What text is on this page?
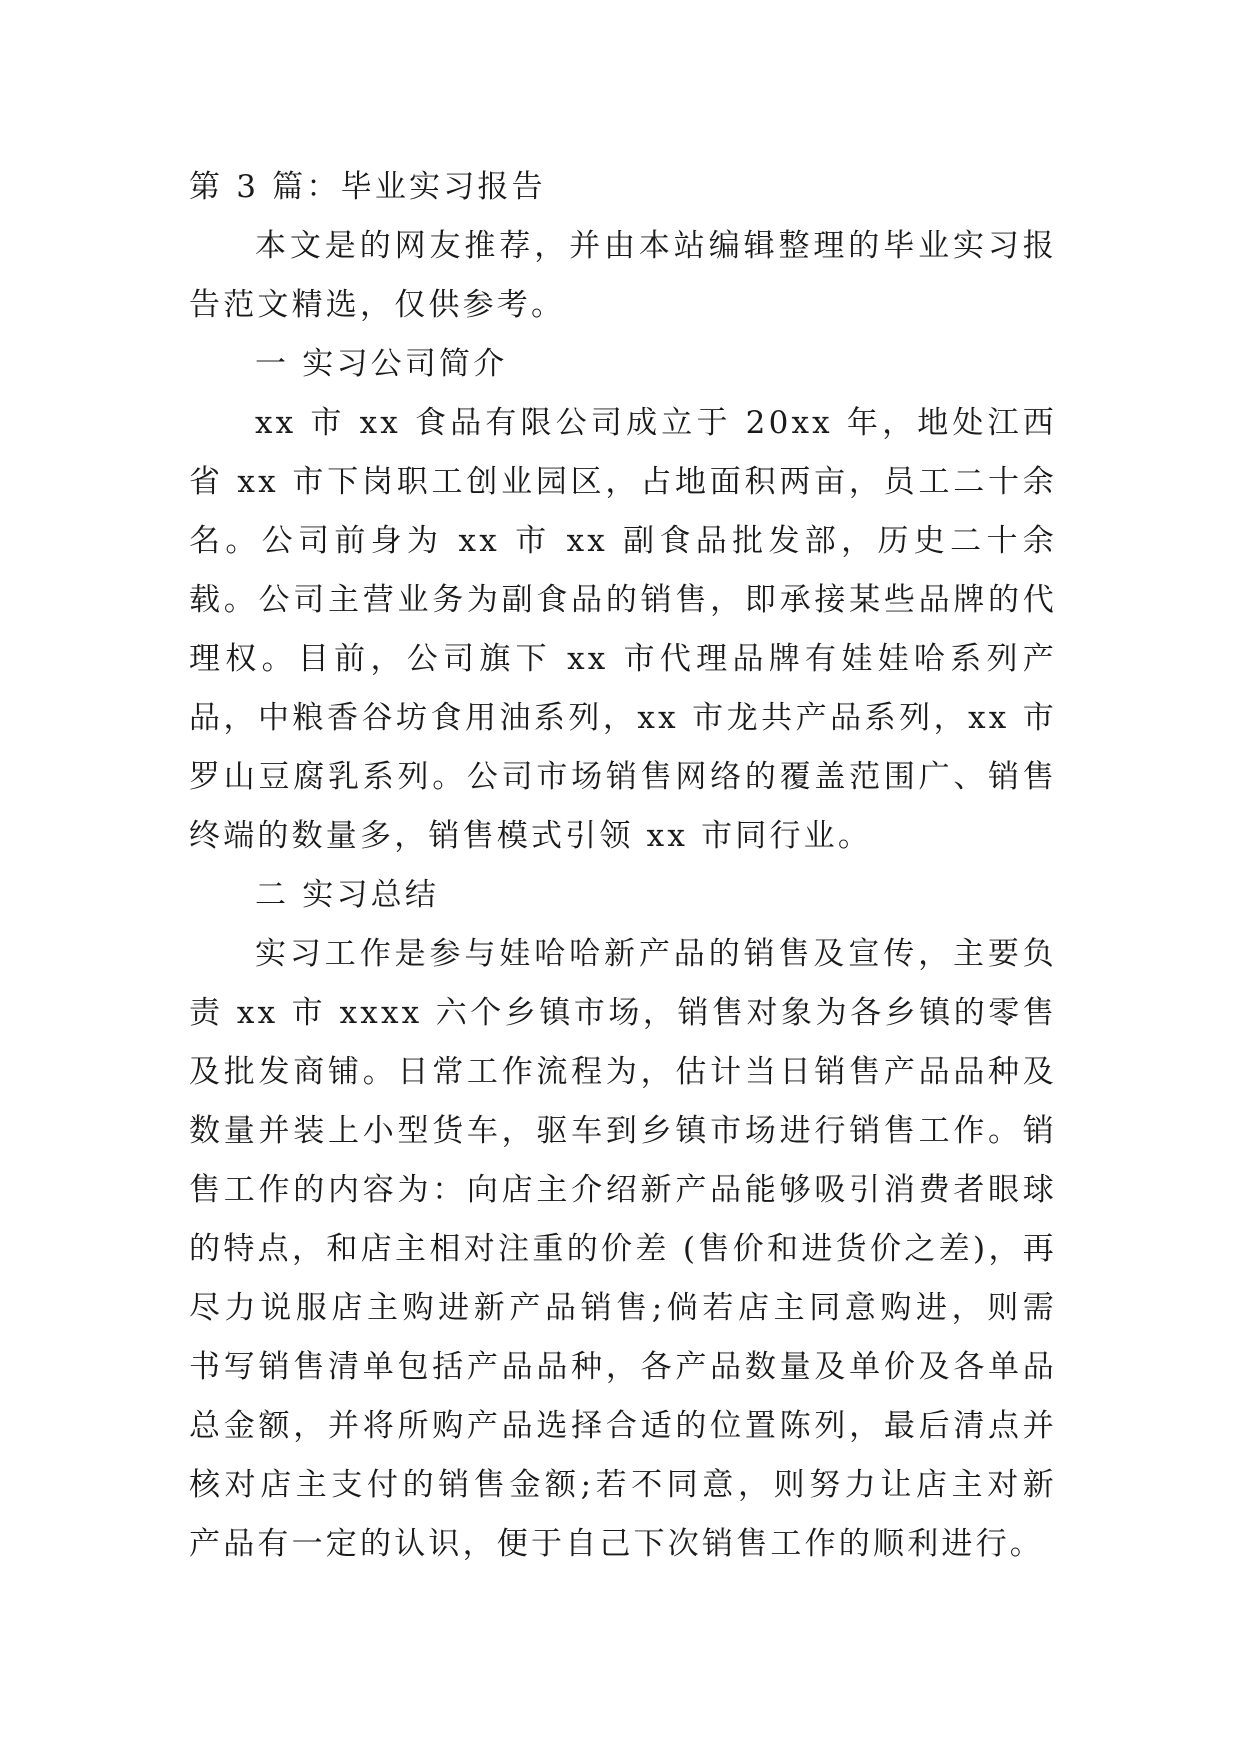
第 3 篇：毕业实习报告

本文是的网友推荐，并由本站编辑整理的毕业实习报告范文精选，仅供参考。

一 实习公司简介

xx 市 xx 食品有限公司成立于 20xx 年，地处江西省 xx 市下岗职工创业园区，占地面积两亩，员工二十余名。公司前身为 xx 市 xx 副食品批发部，历史二十余载。公司主营业务为副食品的销售，即承接某些品牌的代理权。目前，公司旗下 xx 市代理品牌有娃娃哈系列产品，中粮香谷坊食用油系列，xx 市龙共产品系列，xx 市罗山豆腐乳系列。公司市场销售网络的覆盖范围广、销售终端的数量多，销售模式引领 xx 市同行业。

二 实习总结

实习工作是参与娃哈哈新产品的销售及宣传，主要负责 xx 市 xxxx 六个乡镇市场，销售对象为各乡镇的零售及批发商铺。日常工作流程为，估计当日销售产品品种及数量并装上小型货车，驱车到乡镇市场进行销售工作。销售工作的内容为：向店主介绍新产品能够吸引消费者眼球的特点，和店主相对注重的价差 (售价和进货价之差)，再尽力说服店主购进新产品销售;倘若店主同意购进，则需书写销售清单包括产品品种，各产品数量及单价及各单品总金额，并将所购产品选择合适的位置陈列，最后清点并核对店主支付的销售金额;若不同意，则努力让店主对新产品有一定的认识，便于自己下次销售工作的顺利进行。
